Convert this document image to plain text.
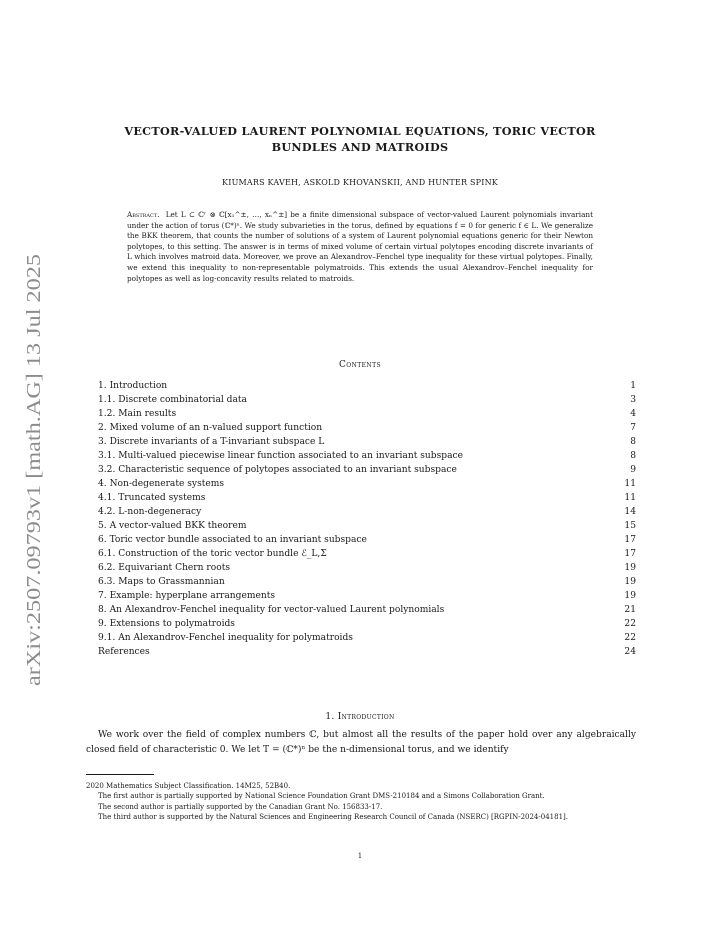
arXiv:2507.09793v1 [math.AG] 13 Jul 2025
VECTOR-VALUED LAURENT POLYNOMIAL EQUATIONS, TORIC VECTOR
BUNDLES AND MATROIDS
KIUMARS KAVEH, ASKOLD KHOVANSKII, AND HUNTER SPINK
Abstract. Let L ⊂ ℂʳ ⊗ ℂ[x₁^±, …, xₙ^±] be a finite dimensional subspace of vector-valued Laurent polynomials invariant under the action of torus (ℂ*)ⁿ. We study subvarieties in the torus, defined by equations f = 0 for generic f ∈ L. We generalize the BKK theorem, that counts the number of solutions of a system of Laurent polynomial equations generic for their Newton polytopes, to this setting. The answer is in terms of mixed volume of certain virtual polytopes encoding discrete invariants of L which involves matroid data. Moreover, we prove an Alexandrov–Fenchel type inequality for these virtual polytopes. Finally, we extend this inequality to non-representable polymatroids. This extends the usual Alexandrov–Fenchel inequality for polytopes as well as log-concavity results related to matroids.
Contents
1. Introduction	1
1.1. Discrete combinatorial data	3
1.2. Main results	4
2. Mixed volume of an n-valued support function	7
3. Discrete invariants of a T-invariant subspace L	8
3.1. Multi-valued piecewise linear function associated to an invariant subspace	8
3.2. Characteristic sequence of polytopes associated to an invariant subspace	9
4. Non-degenerate systems	11
4.1. Truncated systems	11
4.2. L-non-degeneracy	14
5. A vector-valued BKK theorem	15
6. Toric vector bundle associated to an invariant subspace	17
6.1. Construction of the toric vector bundle ℰ_L,Σ	17
6.2. Equivariant Chern roots	19
6.3. Maps to Grassmannian	19
7. Example: hyperplane arrangements	19
8. An Alexandrov-Fenchel inequality for vector-valued Laurent polynomials	21
9. Extensions to polymatroids	22
9.1. An Alexandrov-Fenchel inequality for polymatroids	22
References	24
1. Introduction

We work over the field of complex numbers ℂ, but almost all the results of the paper hold over any algebraically closed field of characteristic 0. We let T = (ℂ*)ⁿ be the n-dimensional torus, and we identify

2020 Mathematics Subject Classification. 14M25, 52B40.

The first author is partially supported by National Science Foundation Grant DMS-210184 and a Simons Collaboration Grant.

The second author is partially supported by the Canadian Grant No. 156833-17.

The third author is supported by the Natural Sciences and Engineering Research Council of Canada (NSERC) [RGPIN-2024-04181].

1
